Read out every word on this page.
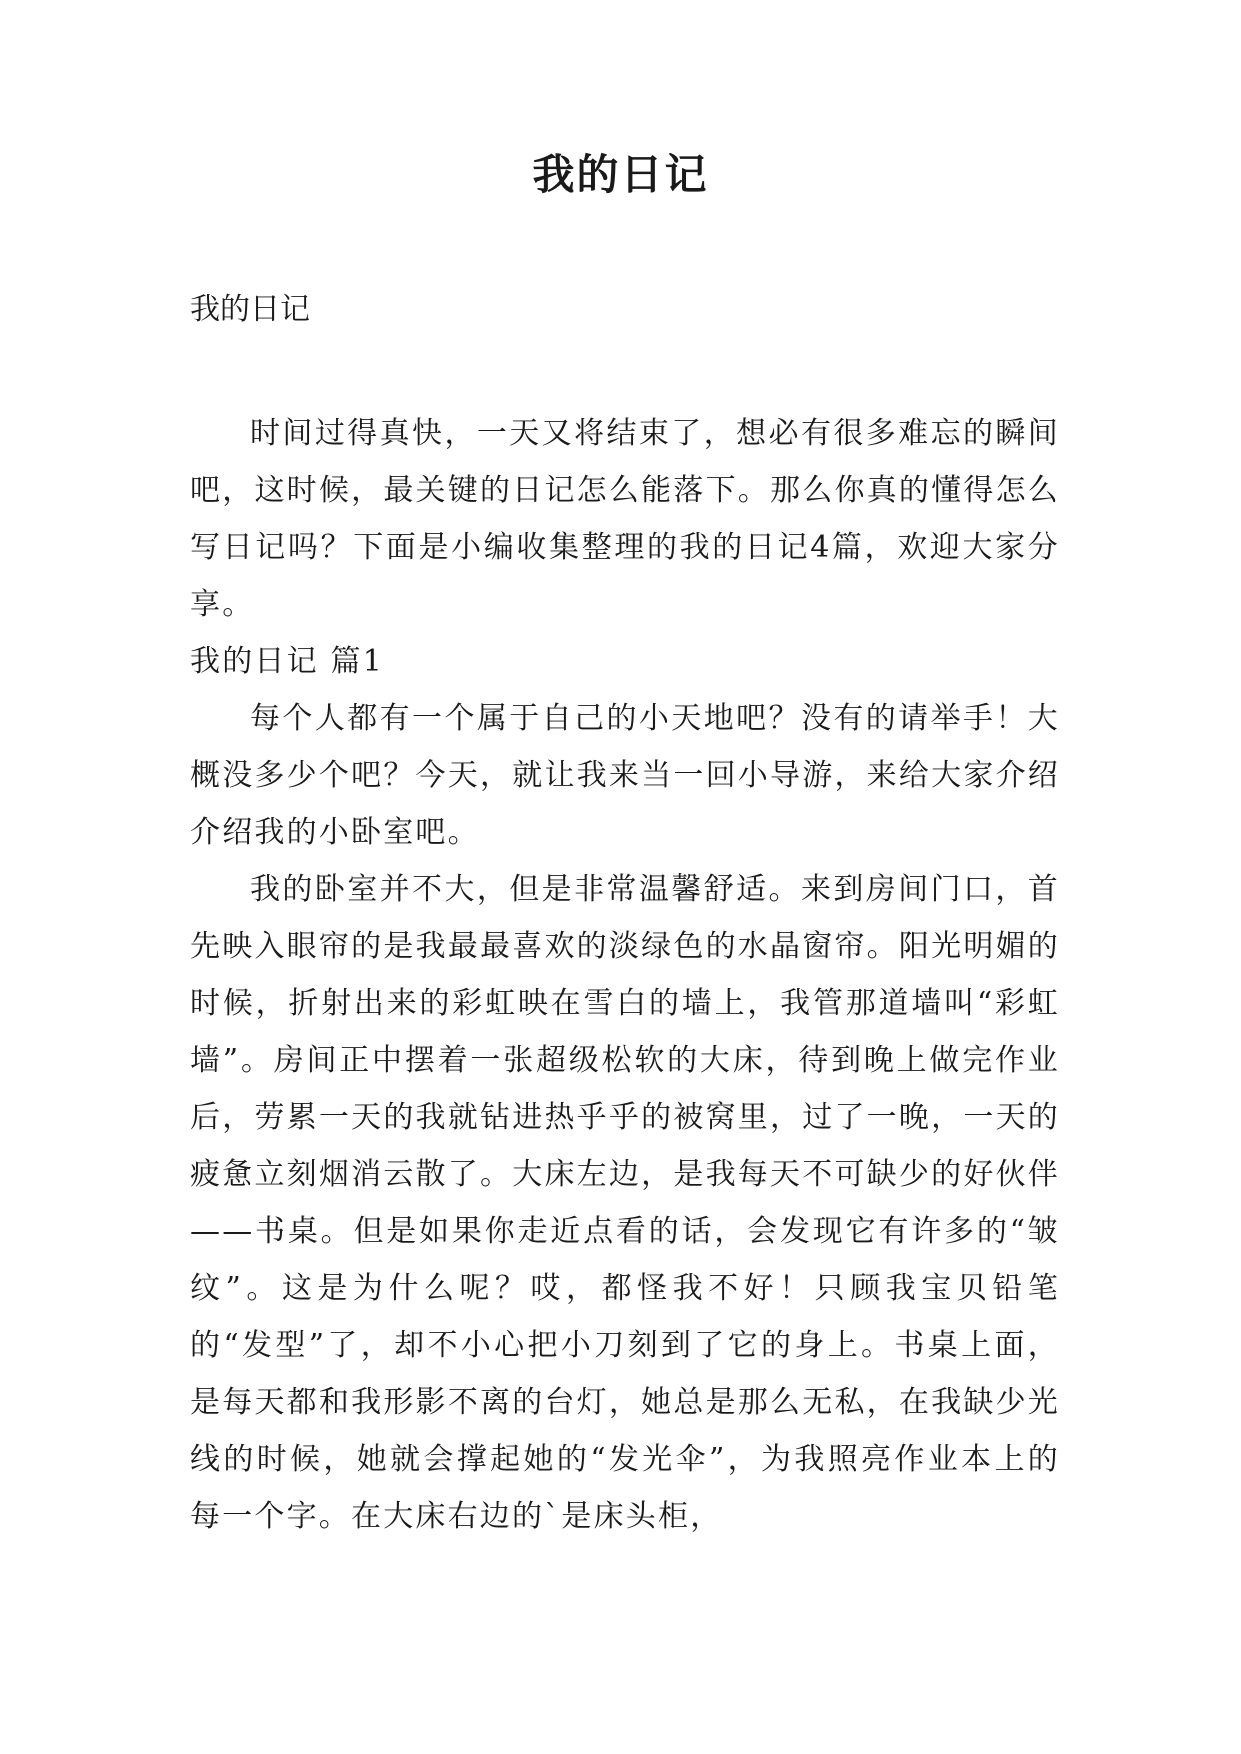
我的日记
我的日记

时间过得真快，一天又将结束了，想必有很多难忘的瞬间吧，这时候，最关键的日记怎么能落下。那么你真的懂得怎么写日记吗？下面是小编收集整理的我的日记4篇，欢迎大家分享。

我的日记 篇1

每个人都有一个属于自己的小天地吧？没有的请举手！大概没多少个吧？今天，就让我来当一回小导游，来给大家介绍介绍我的小卧室吧。

我的卧室并不大，但是非常温馨舒适。来到房间门口，首先映入眼帘的是我最最喜欢的淡绿色的水晶窗帘。阳光明媚的时候，折射出来的彩虹映在雪白的墙上，我管那道墙叫“彩虹墙”。房间正中摆着一张超级松软的大床，待到晚上做完作业后，劳累一天的我就钻进热乎乎的被窝里，过了一晚，一天的疲惫立刻烟消云散了。大床左边，是我每天不可缺少的好伙伴——书桌。但是如果你走近点看的话，会发现它有许多的“皱纹”。这是为什么呢？哎，都怪我不好！只顾我宝贝铅笔的“发型”了，却不小心把小刀刻到了它的身上。书桌上面，是每天都和我形影不离的台灯，她总是那么无私，在我缺少光线的时候，她就会撑起她的“发光伞”，为我照亮作业本上的每一个字。在大床右边的`是床头柜，
